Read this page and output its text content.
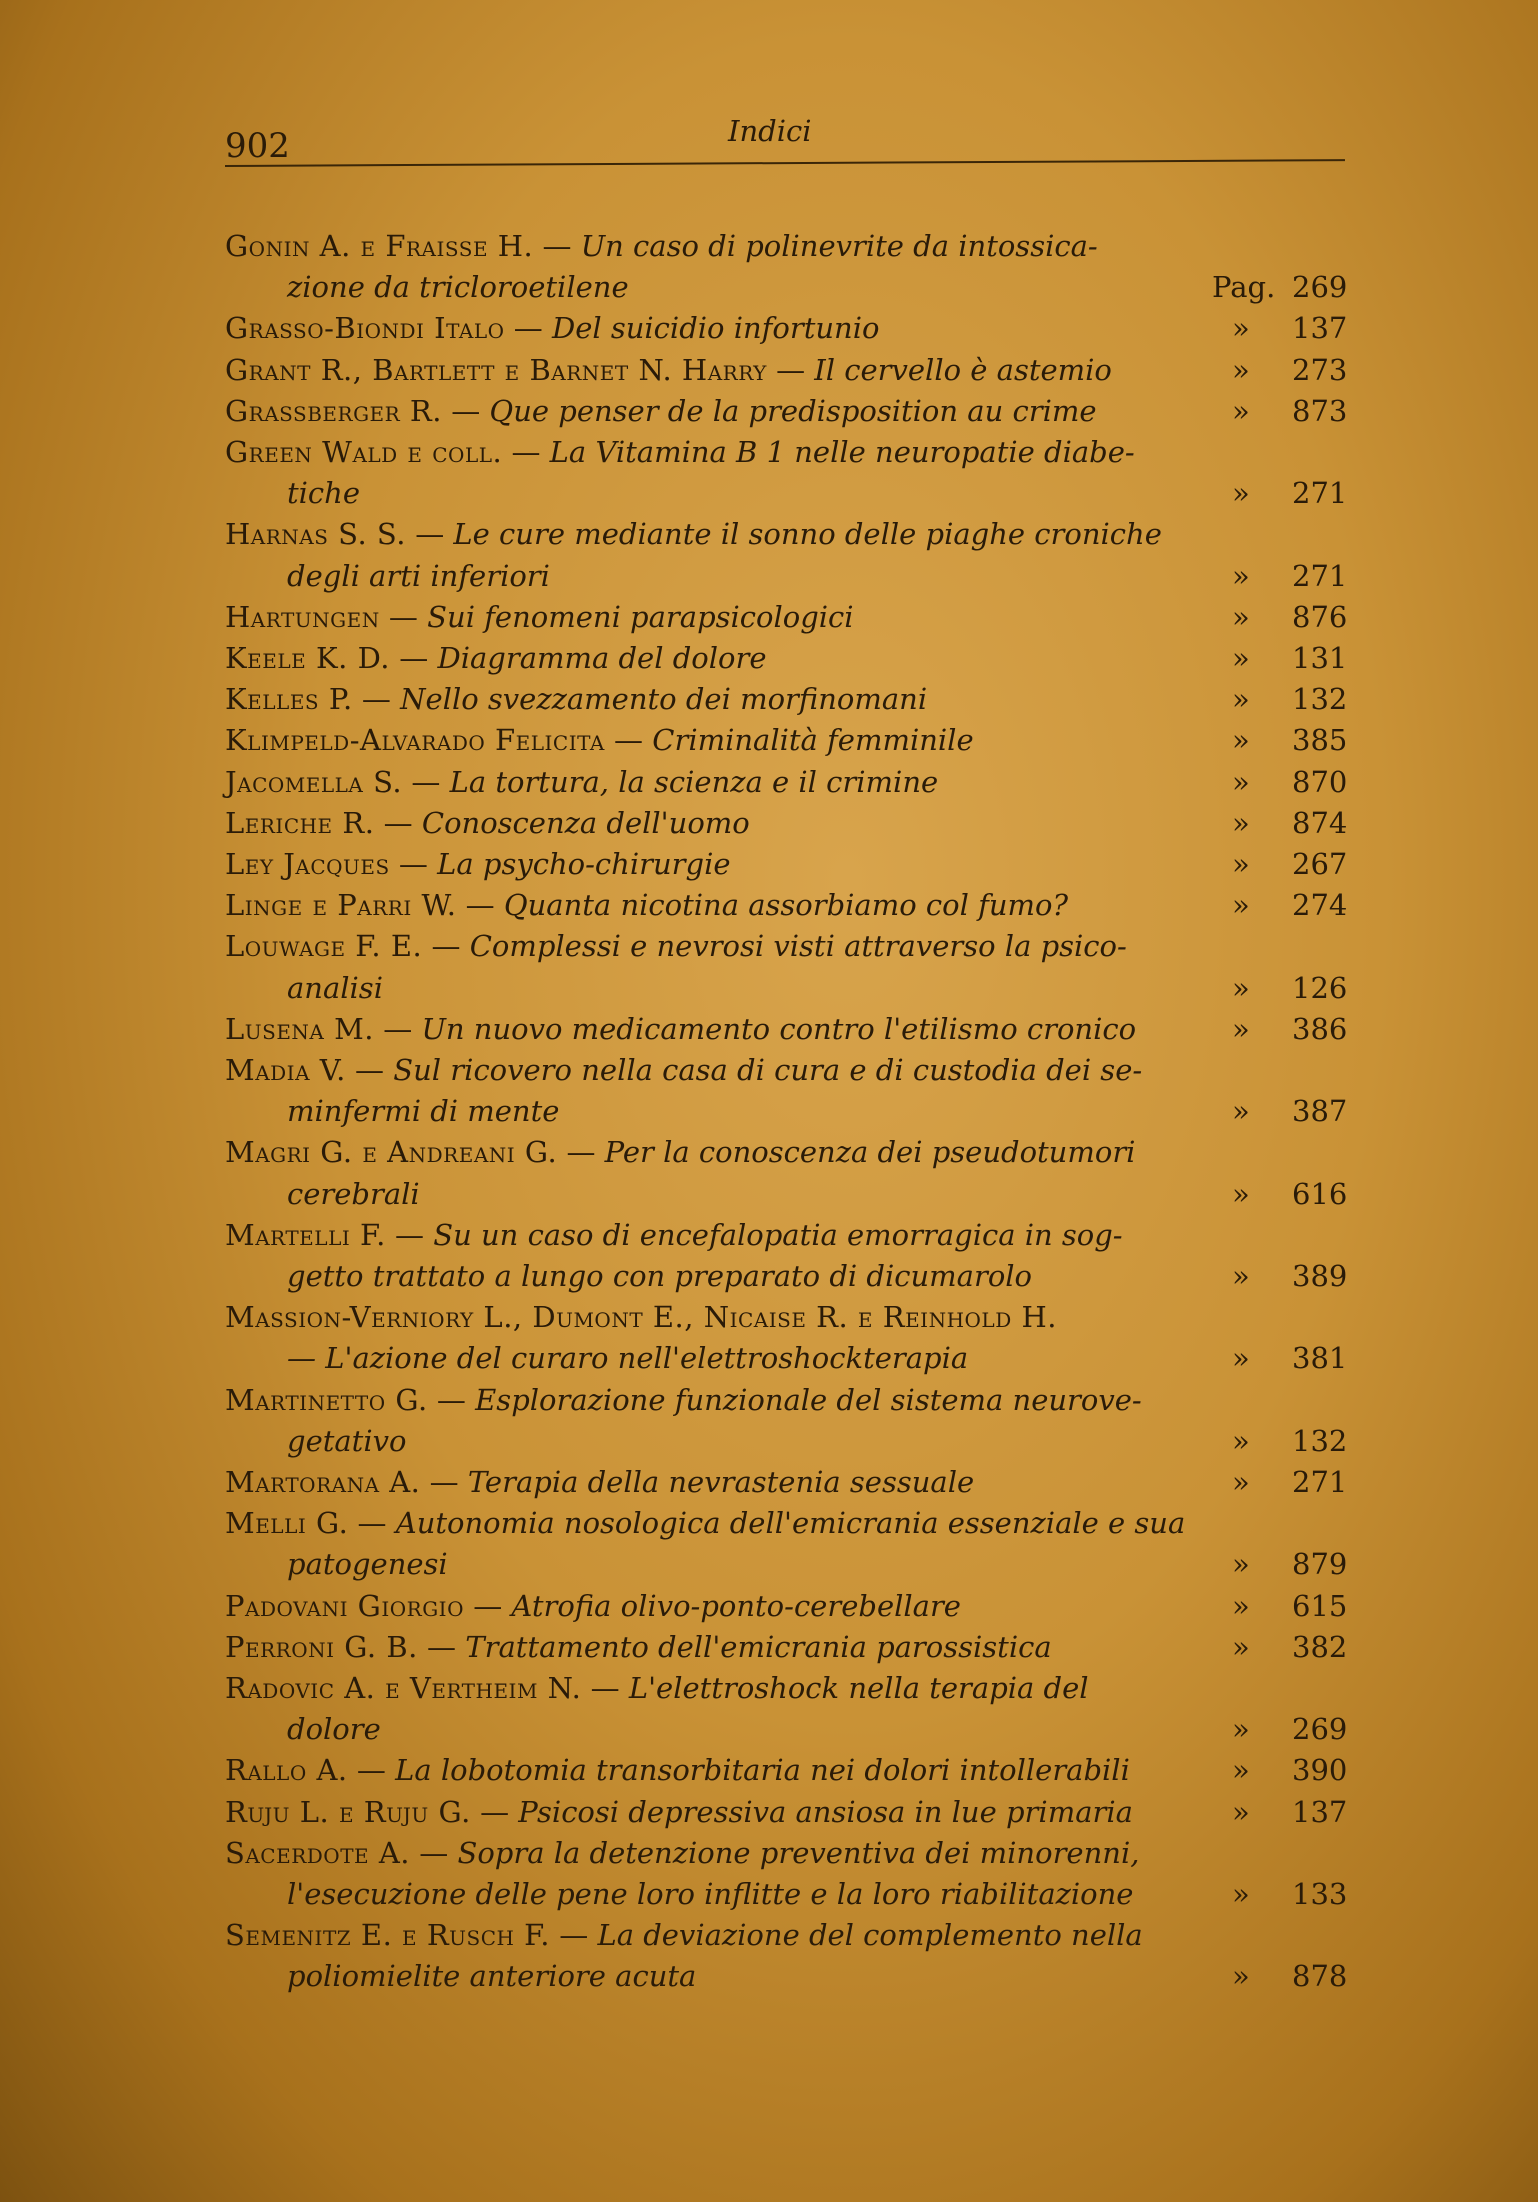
902	Indici
Gonin A. e Fraisse H. — Un caso di polinevrite da intossica-
zione da tricloroetilene	Pag. 269
Grasso-Biondi Italo — Del suicidio infortunio	» 137
Grant R., Bartlett e Barnet N. Harry — Il cervello è astemio	» 273
Grassberger R. — Que penser de la predisposition au crime	» 873
Green Wald e coll. — La Vitamina B 1 nelle neuropatie diabe-
tiche	» 271
Harnas S. S. — Le cure mediante il sonno delle piaghe croniche
degli arti inferiori	» 271
Hartungen — Sui fenomeni parapsicologici	» 876
Keele K. D. — Diagramma del dolore	» 131
Kelles P. — Nello svezzamento dei morfinomani	» 132
Klimpeld-Alvarado Felicita — Criminalità femminile	» 385
Jacomella S. — La tortura, la scienza e il crimine	» 870
Leriche R. — Conoscenza dell'uomo	» 874
Ley Jacques — La psycho-chirurgie	» 267
Linge e Parri W. — Quanta nicotina assorbiamo col fumo?	» 274
Louwage F. E. — Complessi e nevrosi visti attraverso la psico-
analisi	» 126
Lusena M. — Un nuovo medicamento contro l'etilismo cronico	» 386
Madia V. — Sul ricovero nella casa di cura e di custodia dei se-
minfermi di mente	» 387
Magri G. e Andreani G. — Per la conoscenza dei pseudotumori
cerebrali	» 616
Martelli F. — Su un caso di encefalopatia emorragica in sog-
getto trattato a lungo con preparato di dicumarolo	» 389
Massion-Verniory L., Dumont E., Nicaise R. e Reinhold H.
— L'azione del curaro nell'elettroshockterapia	» 381
Martinetto G. — Esplorazione funzionale del sistema neurove-
getativo	» 132
Martorana A. — Terapia della nevrastenia sessuale	» 271
Melli G. — Autonomia nosologica dell'emicrania essenziale e sua
patogenesi	» 879
Padovani Giorgio — Atrofia olivo-ponto-cerebellare	» 615
Perroni G. B. — Trattamento dell'emicrania parossistica	» 382
Radovic A. e Vertheim N. — L'elettroshock nella terapia del
dolore	» 269
Rallo A. — La lobotomia transorbitaria nei dolori intollerabili	» 390
Ruju L. e Ruju G. — Psicosi depressiva ansiosa in lue primaria	» 137
Sacerdote A. — Sopra la detenzione preventiva dei minorenni,
l'esecuzione delle pene loro inflitte e la loro riabilitazione	» 133
Semenitz E. e Rusch F. — La deviazione del complemento nella
poliomielite anteriore acuta	» 878
